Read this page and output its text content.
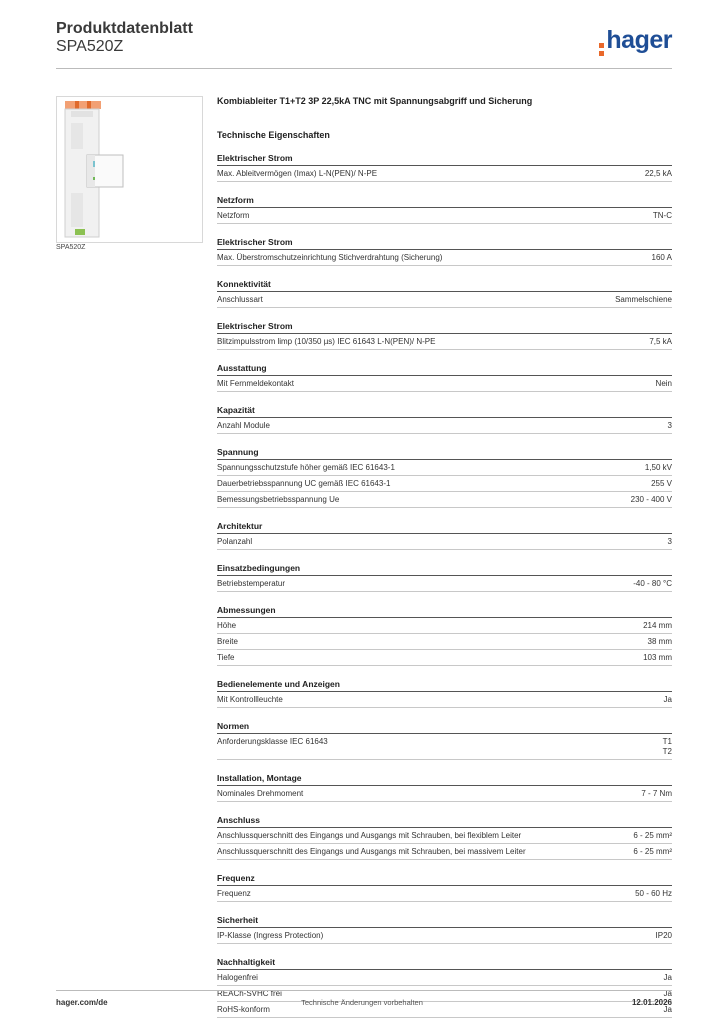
Produktdatenblatt
SPA520Z	hager
SPA520Z
Kombiableiter T1+T2 3P 22,5kA TNC mit Spannungsabgriff und Sicherung
Technische Eigenschaften
Elektrischer Strom
Max. Ableitvermögen (Imax) L-N(PEN)/ N-PE	22,5 kA
Netzform
Netzform	TN-C
Elektrischer Strom
Max. Überstromschutzeinrichtung Stichverdrahtung (Sicherung)	160 A
Konnektivität
Anschlussart	Sammelschiene
Elektrischer Strom
Blitzimpulsstrom limp (10/350 µs) IEC 61643 L-N(PEN)/ N-PE	7,5 kA
Ausstattung
Mit Fernmeldekontakt	Nein
Kapazität
Anzahl Module	3
Spannung
Spannungsschutzstufe höher gemäß IEC 61643-1	1,50 kV
Dauerbetriebsspannung UC gemäß IEC 61643-1	255 V
Bemessungsbetriebsspannung Ue	230 - 400 V
Architektur
Polanzahl	3
Einsatzbedingungen
Betriebstemperatur	-40 - 80 °C
Abmessungen
Höhe	214 mm
Breite	38 mm
Tiefe	103 mm
Bedienelemente und Anzeigen
Mit Kontrollleuchte	Ja
Normen
Anforderungsklasse IEC 61643	T1
T2
Installation, Montage
Nominales Drehmoment	7 - 7 Nm
Anschluss
Anschlussquerschnitt des Eingangs und Ausgangs mit Schrauben, bei flexiblem Leiter	6 - 25 mm²
Anschlussquerschnitt des Eingangs und Ausgangs mit Schrauben, bei massivem Leiter	6 - 25 mm²
Frequenz
Frequenz	50 - 60 Hz
Sicherheit
IP-Klasse (Ingress Protection)	IP20
Nachhaltigkeit
Halogenfrei	Ja
REACh-SVHC frei	Ja
RoHS-konform	Ja
hager.com/de	Technische Änderungen vorbehalten	12.01.2026
